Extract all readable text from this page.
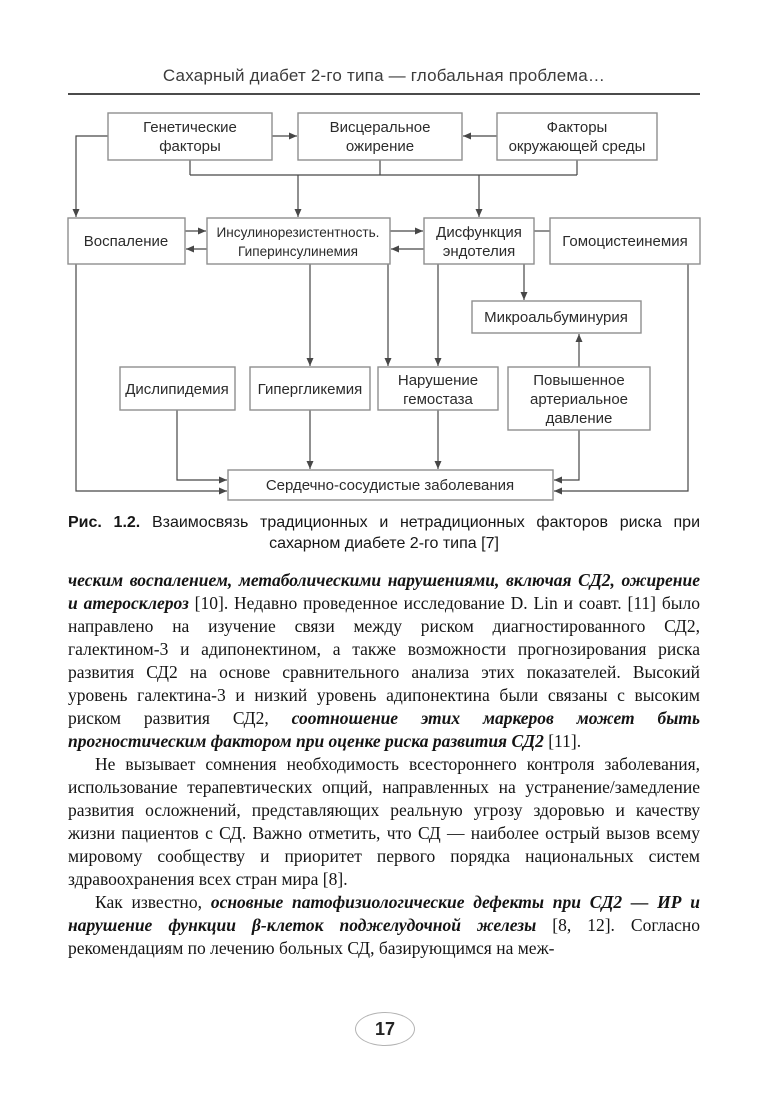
Сахарный диабет 2-го типа — глобальная проблема…
Генетические факторы
Висцеральное ожирение
Факторы окружающей среды
Воспаление
Инсулинорезистентность. Гиперинсулинемия
Дисфункция эндотелия
Гомоцистеинемия
Микроальбуминурия
Дислипидемия Гипергликемия
Нарушение гемостаза
Повышенное артериальное давление
Сердечно-сосудистые заболевания
Рис. 1.2. Взаимосвязь традиционных и нетрадиционных факторов риска при сахарном диабете 2-го типа [7]

ческим воспалением, метаболическими нарушениями, включая СД2, ожирение и атеросклероз [10]. Недавно проведенное исследование D. Lin и соавт. [11] было направлено на изучение связи между риском диагностированного СД2, галектином-3 и адипонектином, а также возможности прогнозирования риска развития СД2 на основе сравнительного анализа этих показателей. Высокий уровень галектина-3 и низкий уровень адипонектина были связаны с высоким риском развития СД2, соотношение этих маркеров может быть прогностическим фактором при оценке риска развития СД2 [11].

Не вызывает сомнения необходимость всестороннего контроля заболевания, использование терапевтических опций, направленных на устранение/замедление развития осложнений, представляющих реальную угрозу здоровью и качеству жизни пациентов с СД. Важно отметить, что СД — наиболее острый вызов всему мировому сообществу и приоритет первого порядка национальных систем здравоохранения всех стран мира [8].

Как известно, основные патофизиологические дефекты при СД2 — ИР и нарушение функции β-клеток поджелудочной железы [8, 12]. Согласно рекомендациям по лечению больных СД, базирующимся на меж-

17
